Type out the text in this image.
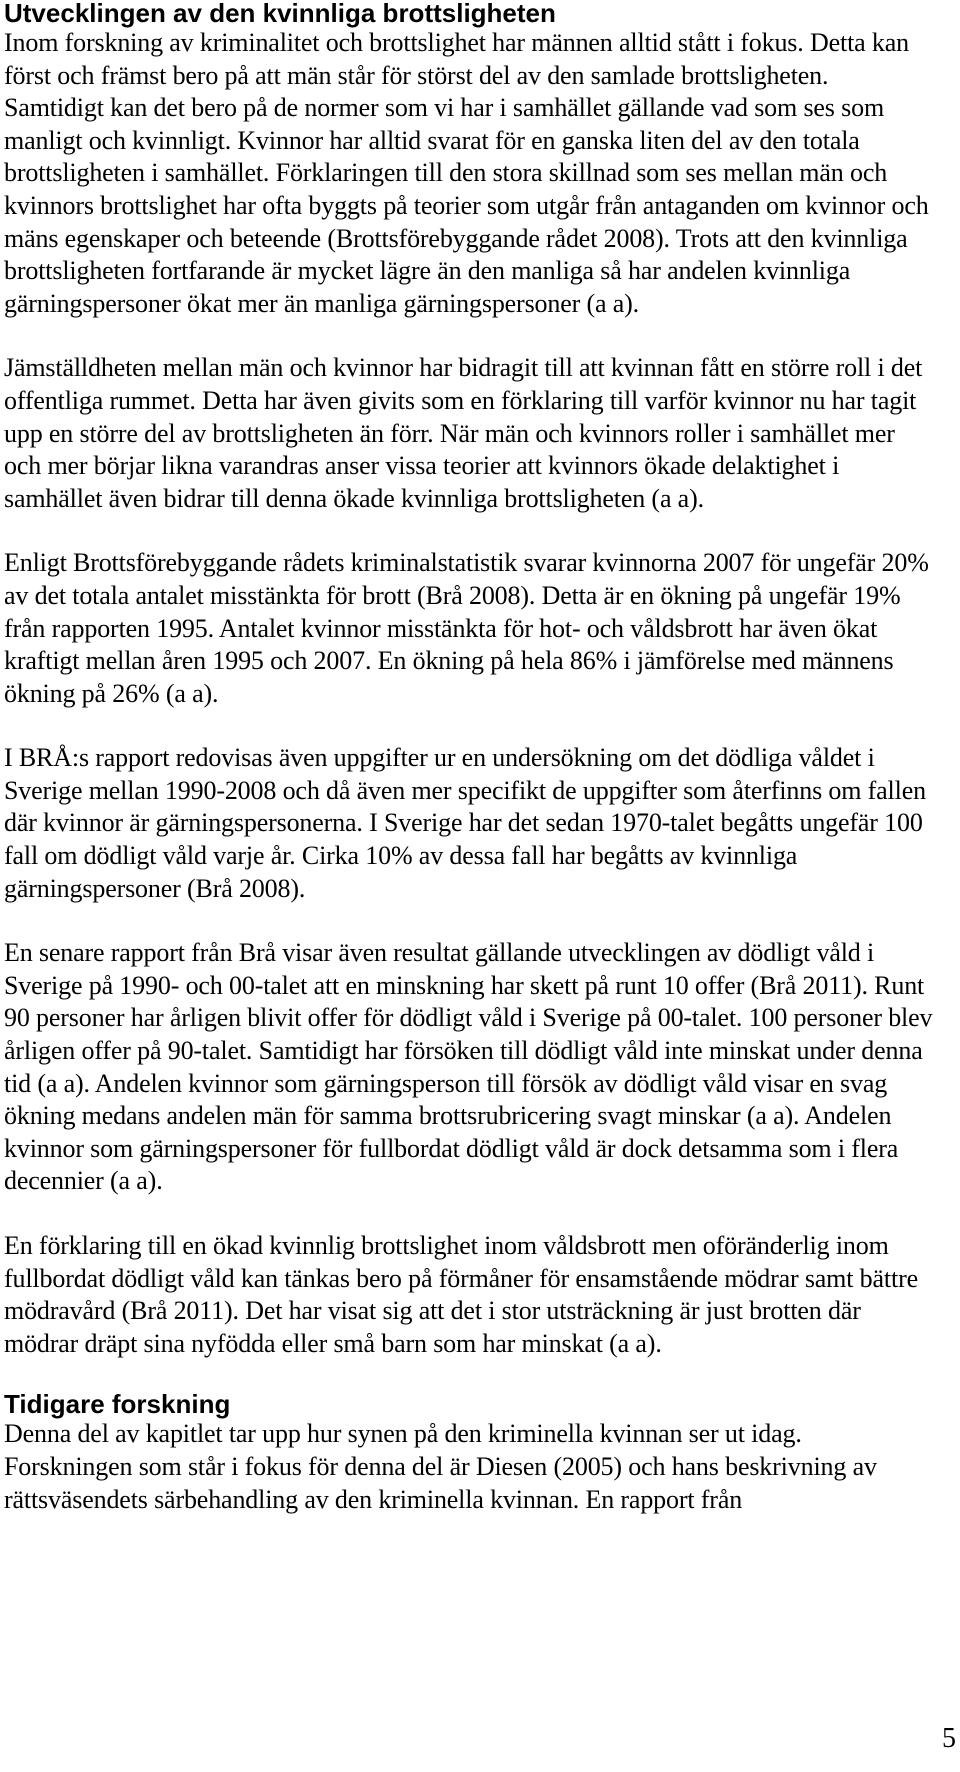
Utvecklingen av den kvinnliga brottsligheten

Inom forskning av kriminalitet och brottslighet har männen alltid stått i fokus. Detta kan först och främst bero på att män står för störst del av den samlade brottsligheten. Samtidigt kan det bero på de normer som vi har i samhället gällande vad som ses som manligt och kvinnligt. Kvinnor har alltid svarat för en ganska liten del av den totala brottsligheten i samhället. Förklaringen till den stora skillnad som ses mellan män och kvinnors brottslighet har ofta byggts på teorier som utgår från antaganden om kvinnor och mäns egenskaper och beteende (Brottsförebyggande rådet 2008). Trots att den kvinnliga brottsligheten fortfarande är mycket lägre än den manliga så har andelen kvinnliga gärningspersoner ökat mer än manliga gärningspersoner (a a).

Jämställdheten mellan män och kvinnor har bidragit till att kvinnan fått en större roll i det offentliga rummet. Detta har även givits som en förklaring till varför kvinnor nu har tagit upp en större del av brottsligheten än förr. När män och kvinnors roller i samhället mer och mer börjar likna varandras anser vissa teorier att kvinnors ökade delaktighet i samhället även bidrar till denna ökade kvinnliga brottsligheten (a a).

Enligt Brottsförebyggande rådets kriminalstatistik svarar kvinnorna 2007 för ungefär 20% av det totala antalet misstänkta för brott (Brå 2008). Detta är en ökning på ungefär 19% från rapporten 1995. Antalet kvinnor misstänkta för hot- och våldsbrott har även ökat kraftigt mellan åren 1995 och 2007. En ökning på hela 86% i jämförelse med männens ökning på 26% (a a).

I BRÅ:s rapport redovisas även uppgifter ur en undersökning om det dödliga våldet i Sverige mellan 1990-2008 och då även mer specifikt de uppgifter som återfinns om fallen där kvinnor är gärningspersonerna. I Sverige har det sedan 1970-talet begåtts ungefär 100 fall om dödligt våld varje år. Cirka 10% av dessa fall har begåtts av kvinnliga gärningspersoner (Brå 2008).

En senare rapport från Brå visar även resultat gällande utvecklingen av dödligt våld i Sverige på 1990- och 00-talet att en minskning har skett på runt 10 offer (Brå 2011). Runt 90 personer har årligen blivit offer för dödligt våld i Sverige på 00-talet. 100 personer blev årligen offer på 90-talet. Samtidigt har försöken till dödligt våld inte minskat under denna tid (a a). Andelen kvinnor som gärningsperson till försök av dödligt våld visar en svag ökning medans andelen män för samma brottsrubricering svagt minskar (a a). Andelen kvinnor som gärningspersoner för fullbordat dödligt våld är dock detsamma som i flera decennier (a a).

En förklaring till en ökad kvinnlig brottslighet inom våldsbrott men oföränderlig inom fullbordat dödligt våld kan tänkas bero på förmåner för ensamstående mödrar samt bättre mödravård (Brå 2011). Det har visat sig att det i stor utsträckning är just brotten där mödrar dräpt sina nyfödda eller små barn som har minskat (a a).

Tidigare forskning

Denna del av kapitlet tar upp hur synen på den kriminella kvinnan ser ut idag. Forskningen som står i fokus för denna del är Diesen (2005) och hans beskrivning av rättsväsendets särbehandling av den kriminella kvinnan. En rapport från

5
